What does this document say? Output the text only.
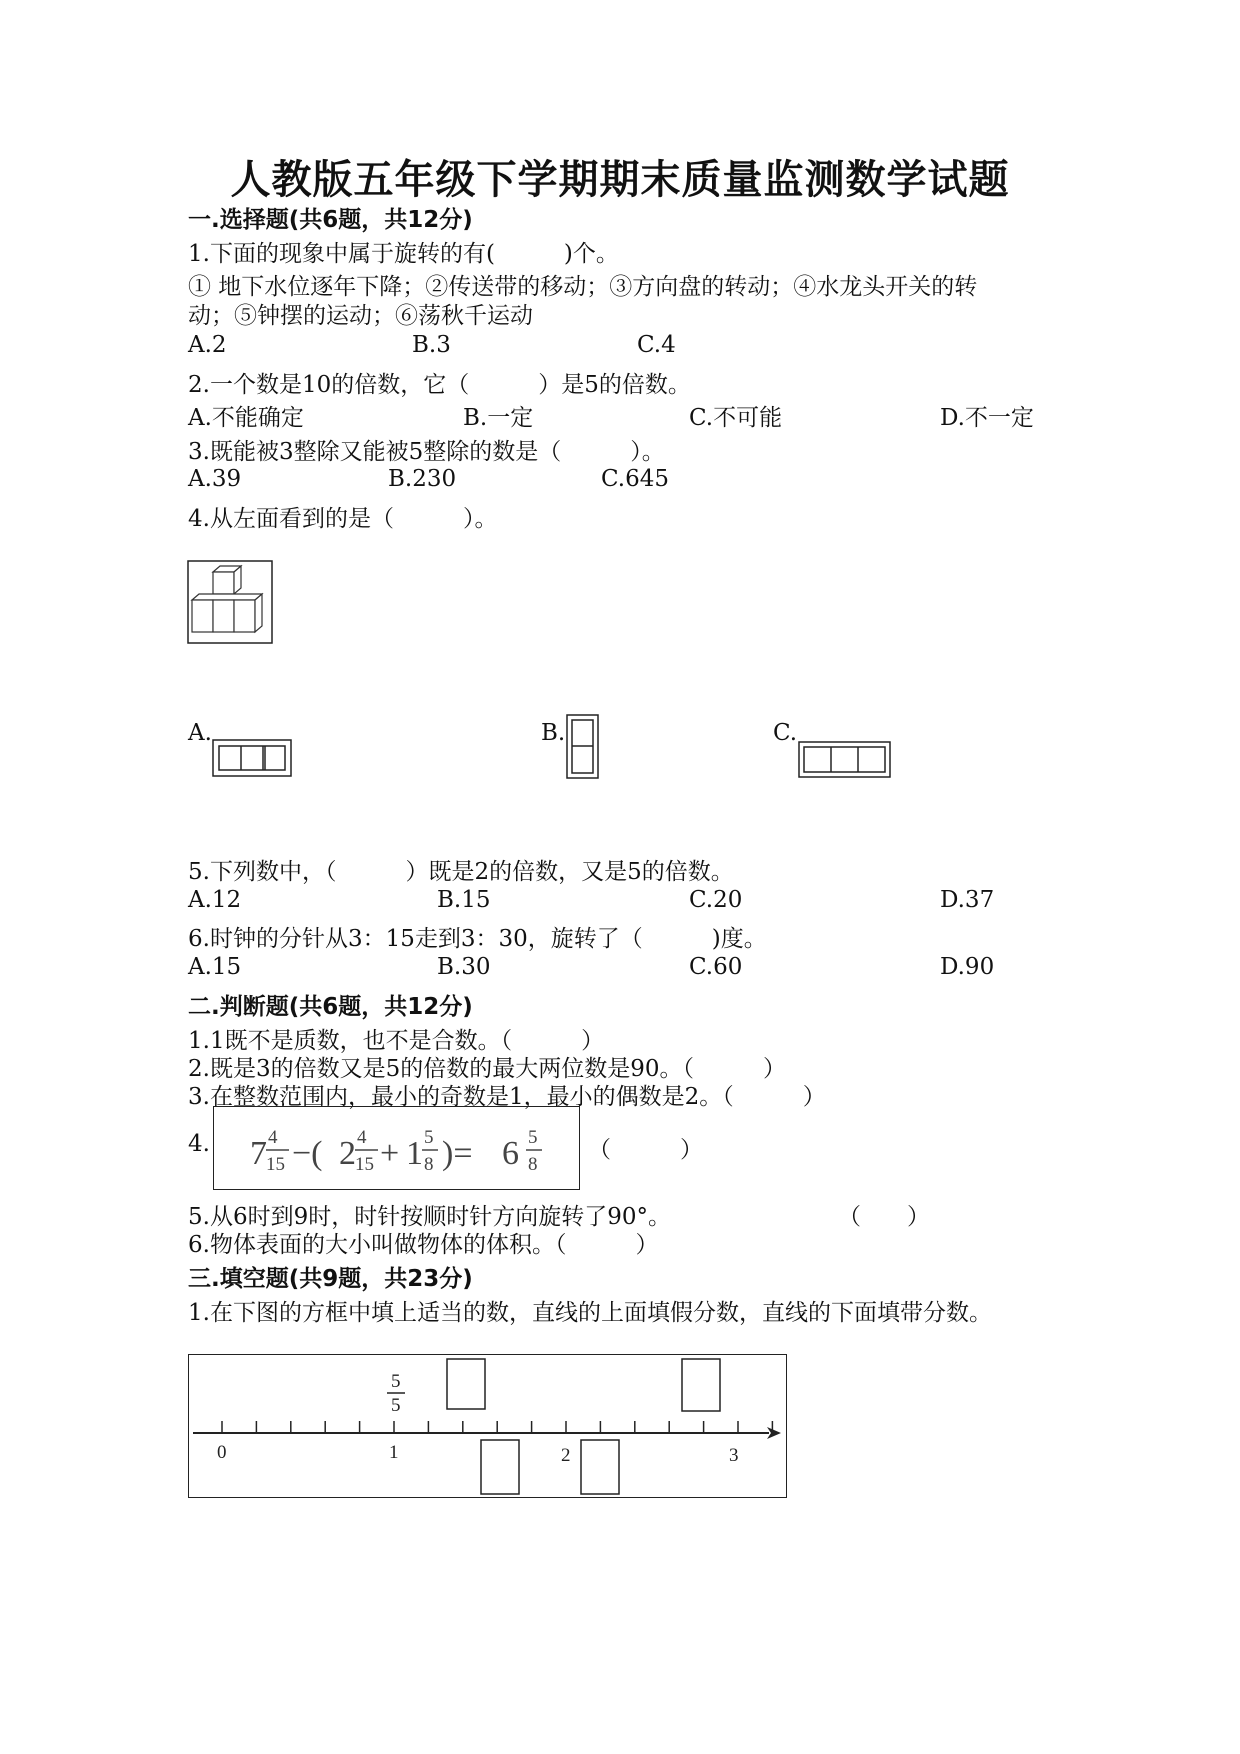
人教版五年级下学期期末质量监测数学试题
一.选择题(共6题，共12分)
1.下面的现象中属于旋转的有(　　　)个。
① 地下水位逐年下降；②传送带的移动；③方向盘的转动；④水龙头开关的转
动；⑤钟摆的运动；⑥荡秋千运动
A.2	B.3	C.4
2.一个数是10的倍数，它（　　　）是5的倍数。
A.不能确定	B.一定	C.不可能	D.不一定
3.既能被3整除又能被5整除的数是（　　　）。
A.39	B.230	C.645
4.从左面看到的是（　　　）。
A.	B.	C.
5.下列数中，（　　　）既是2的倍数，又是5的倍数。
A.12	B.15	C.20	D.37
6.时钟的分针从3：15走到3：30，旋转了（　　　)度。
A.15	B.30	C.60	D.90
二.判断题(共6题，共12分)
1.1既不是质数，也不是合数。（　　　）
2.既是3的倍数又是5的倍数的最大两位数是90。（　　　）
3.在整数范围内，最小的奇数是1，最小的偶数是2。（　　　）
4. 7 4
15 −( 2 4
15 + 1 5
8 )= 6 5
8
（　　　）
5.从6时到9时，时针按顺时针方向旋转了90°。	（　　）
6.物体表面的大小叫做物体的体积。（　　　）
三.填空题(共9题，共23分)
1.在下图的方框中填上适当的数，直线的上面填假分数，直线的下面填带分数。
0	1	2	3
5
5
